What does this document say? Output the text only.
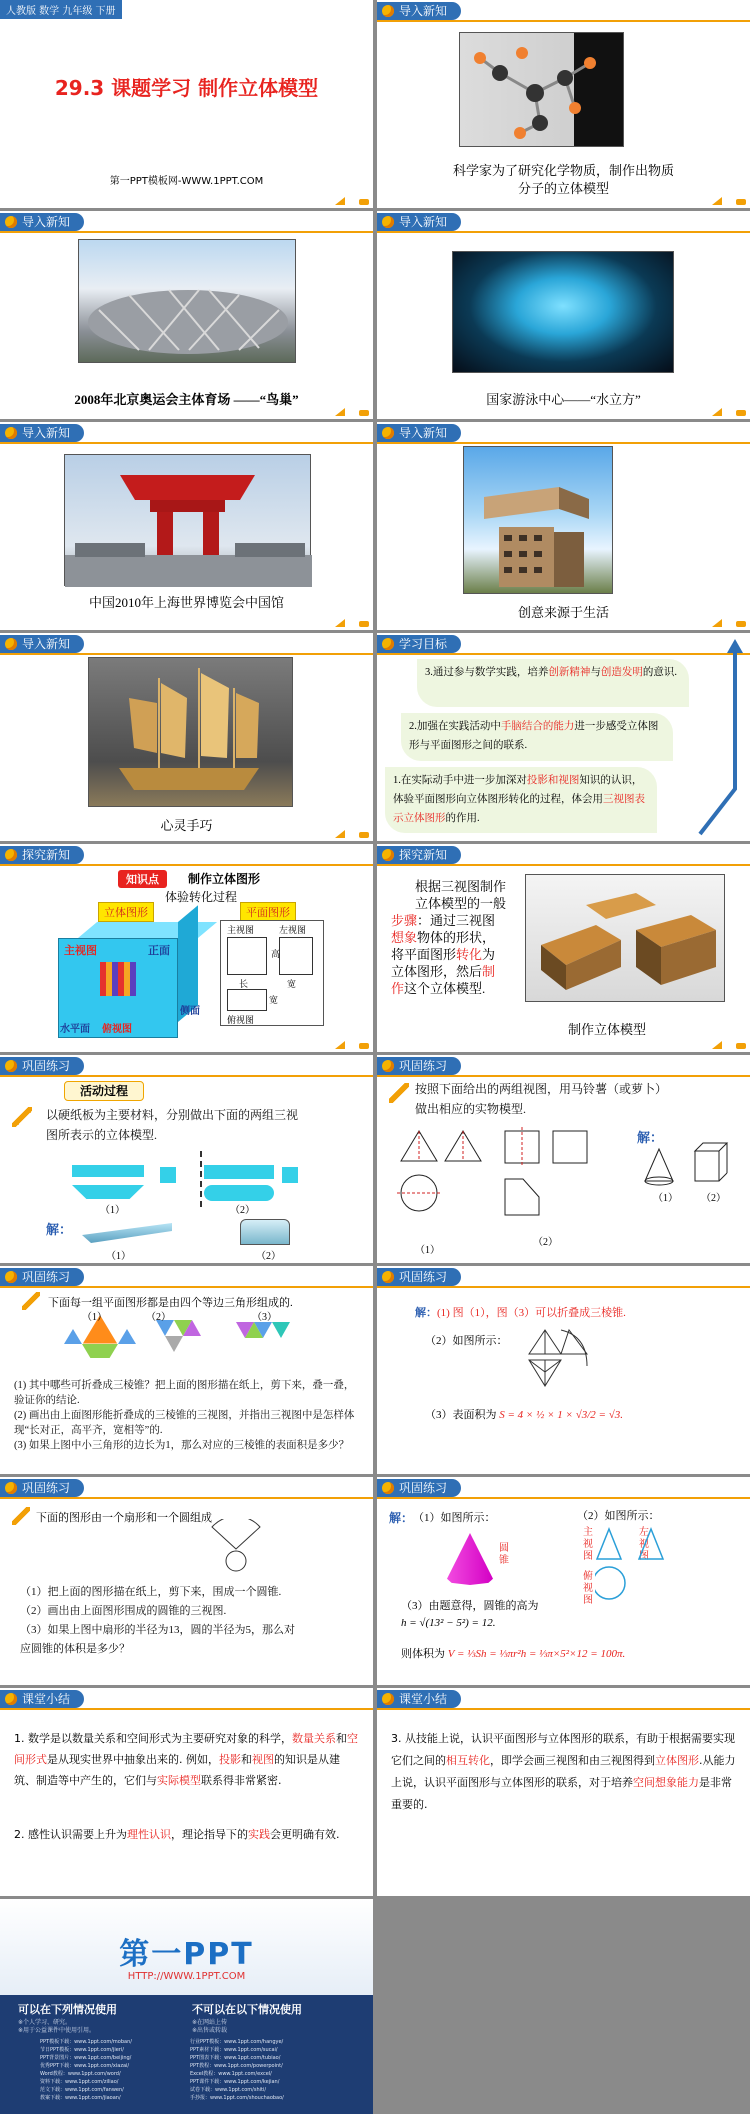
人教版 数学 九年级 下册
29.3 课题学习 制作立体模型
第一PPT模板网-WWW.1PPT.COM
导入新知
科学家为了研究化学物质，制作出物质
分子的立体模型
导入新知
2008年北京奥运会主体育场 ——“鸟巢”
导入新知
国家游泳中心——“水立方”
导入新知
中国2010年上海世界博览会中国馆
导入新知
创意来源于生活
导入新知
心灵手巧
学习目标
3.通过参与数学实践，培养创新精神与创造发明的意识.
2.加强在实践活动中手脑结合的能力进一步感受立体图形与平面图形之间的联系.
1.在实际动手中进一步加深对投影和视图知识的认识，体验平面图形向立体图形转化的过程，体会用三视图表示立体图形的作用.
探究新知
知识点	制作立体图形
体验转化过程
立体图形	平面图形
主视图	正面
侧面
水平面 俯视图
主视图	左视图
高
宽
长
宽
俯视图
探究新知
根据三视图制作立体模型的一般
步骤：通过三视图
想象物体的形状，
将平面图形转化为
立体图形，然后制
作这个立体模型.
制作立体模型
巩固练习
活动过程
以硬纸板为主要材料，分别做出下面的两组三视
图所表示的立体模型.
（1）	（2）
解：
（1）	（2）
巩固练习
按照下面给出的两组视图，用马铃薯（或萝卜）
做出相应的实物模型.
（1）
（2）
（1） （2）
解：
巩固练习
下面每一组平面图形都是由四个等边三角形组成的.
（1）	（2）	（3）
(1) 其中哪些可折叠成三棱锥？把上面的图形描在纸上，剪下来，叠一叠，验证你的结论.
(2) 画出由上面图形能折叠成的三棱锥的三视图，并指出三视图中是怎样体现“长对正，高平齐，宽相等”的.
(3) 如果上图中小三角形的边长为1，那么对应的三棱锥的表面积是多少？
巩固练习
解：(1) 图（1），图（3）可以折叠成三棱锥.
（2）如图所示：
（3）表面积为 S = 4 × ½ × 1 × √3/2 = √3.
巩固练习
下面的图形由一个扇形和一个圆组成
（1）把上面的图形描在纸上，剪下来，围成一个圆锥.
（2）画出由上面图形围成的圆锥的三视图.
（3）如果上图中扇形的半径为13，圆的半径为5，那么对
应圆锥的体积是多少？
巩固练习
解： （1）如图所示：	（2）如图所示：
圆锥
主视图
左视图
俯视图
（3）由题意得，圆锥的高为
h = √(13² − 5²) = 12.
则体积为 V = ⅓Sh = ⅓πr²h = ⅓π×5²×12 = 100π.
课堂小结
1. 数学是以数量关系和空间形式为主要研究对象的科学，数量关系和空间形式是从现实世界中抽象出来的. 例如，投影和视图的知识是从建筑、制造等中产生的，它们与实际模型联系得非常紧密.
2. 感性认识需要上升为理性认识，理论指导下的实践会更明确有效.
课堂小结
3. 从技能上说，认识平面图形与立体图形的联系，有助于根据需要实现它们之间的相互转化，即学会画三视图和由三视图得到立体图形.从能力上说，认识平面图形与立体图形的联系，对于培养空间想象能力是非常重要的.
第一PPT
HTTP://WWW.1PPT.COM
可以在下列情况使用	不可以在以下情况使用
※个人学习、研究。
※用于公益课件中使用引用。
※在网站上传
※出售或转载
PPT模板下载：www.1ppt.com/moban/	行业PPT模板：www.1ppt.com/hangye/
节日PPT模板：www.1ppt.com/jieri/	PPT素材下载：www.1ppt.com/sucai/
PPT背景图片：www.1ppt.com/beijing/	PPT图表下载：www.1ppt.com/tubiao/
优秀PPT下载：www.1ppt.com/xiazai/	PPT教程：www.1ppt.com/powerpoint/
Word教程：www.1ppt.com/word/	Excel教程：www.1ppt.com/excel/
资料下载：www.1ppt.com/ziliao/	PPT课件下载：www.1ppt.com/kejian/
范文下载：www.1ppt.com/fanwen/	试卷下载：www.1ppt.com/shiti/
教案下载：www.1ppt.com/jiaoan/	手抄报：www.1ppt.com/shouchaobao/
